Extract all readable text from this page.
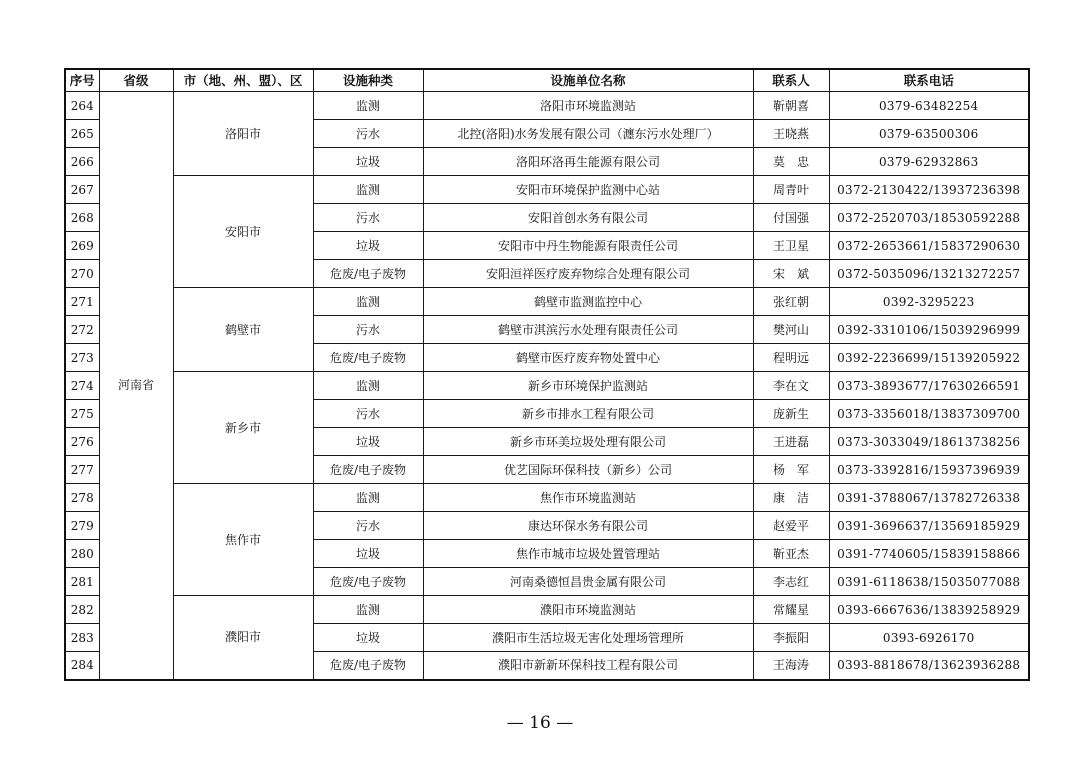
序号	省级	市（地、州、盟）、区	设施种类	设施单位名称	联系人	联系电话
264	河南省	洛阳市	监测	洛阳市环境监测站	靳朝喜	0379-63482254
265			污水	北控(洛阳)水务发展有限公司（瀍东污水处理厂）	王晓燕	0379-63500306
266			垃圾	洛阳环洛再生能源有限公司	莫　忠	0379-62932863
267		安阳市	监测	安阳市环境保护监测中心站	周青叶	0372-2130422/13937236398
268			污水	安阳首创水务有限公司	付国强	0372-2520703/18530592288
269			垃圾	安阳市中丹生物能源有限责任公司	王卫星	0372-2653661/15837290630
270			危废/电子废物	安阳洹祥医疗废弃物综合处理有限公司	宋　斌	0372-5035096/13213272257
271		鹤壁市	监测	鹤壁市监测监控中心	张红朝	0392-3295223
272			污水	鹤壁市淇滨污水处理有限责任公司	樊河山	0392-3310106/15039296999
273			危废/电子废物	鹤壁市医疗废弃物处置中心	程明远	0392-2236699/15139205922
274		新乡市	监测	新乡市环境保护监测站	李在文	0373-3893677/17630266591
275			污水	新乡市排水工程有限公司	庞新生	0373-3356018/13837309700
276			垃圾	新乡市环美垃圾处理有限公司	王进磊	0373-3033049/18613738256
277			危废/电子废物	优艺国际环保科技（新乡）公司	杨　军	0373-3392816/15937396939
278		焦作市	监测	焦作市环境监测站	康　洁	0391-3788067/13782726338
279			污水	康达环保水务有限公司	赵爱平	0391-3696637/13569185929
280			垃圾	焦作市城市垃圾处置管理站	靳亚杰	0391-7740605/15839158866
281			危废/电子废物	河南桑德恒昌贵金属有限公司	李志红	0391-6118638/15035077088
282		濮阳市	监测	濮阳市环境监测站	常耀星	0393-6667636/13839258929
283			垃圾	濮阳市生活垃圾无害化处理场管理所	李振阳	0393-6926170
284			危废/电子废物	濮阳市新新环保科技工程有限公司	王海涛	0393-8818678/13623936288
— 16 —
